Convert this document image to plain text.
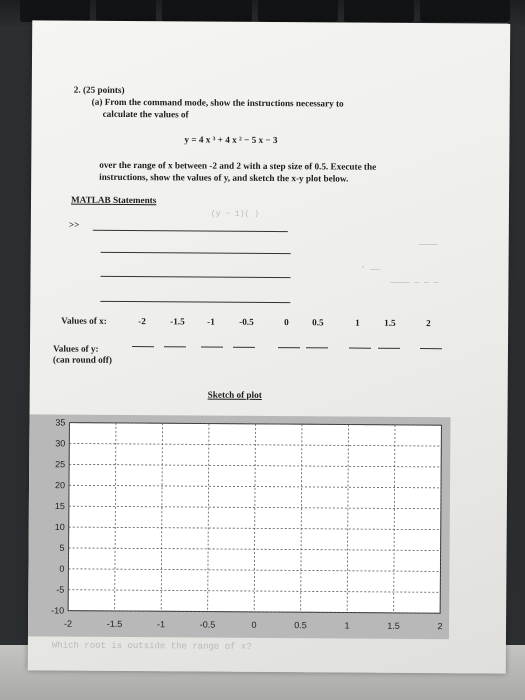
2. (25 points)
(a) From the command mode, show the instructions necessary to
calculate the values of
y = 4 x ³ + 4 x ² − 5 x − 3
over the range of x between -2 and 2 with a step size of 0.5. Execute the
instructions, show the values of y, and sketch the x-y plot below.
MATLAB Statements
>>
(y − 1)( )
────
' ──
──── ─ ─ ─
Values of x:	-2	-1.5 -1	-0.5	0	0.5	1	1.5	2
Values of y:
(can round off)
Sketch of plot
-2	-1.5	-1	-0.5	0	0.5	1	1.5	2
35
30
25
20
15
10
5
0
-5
-10
Which root is outside the range of x?
